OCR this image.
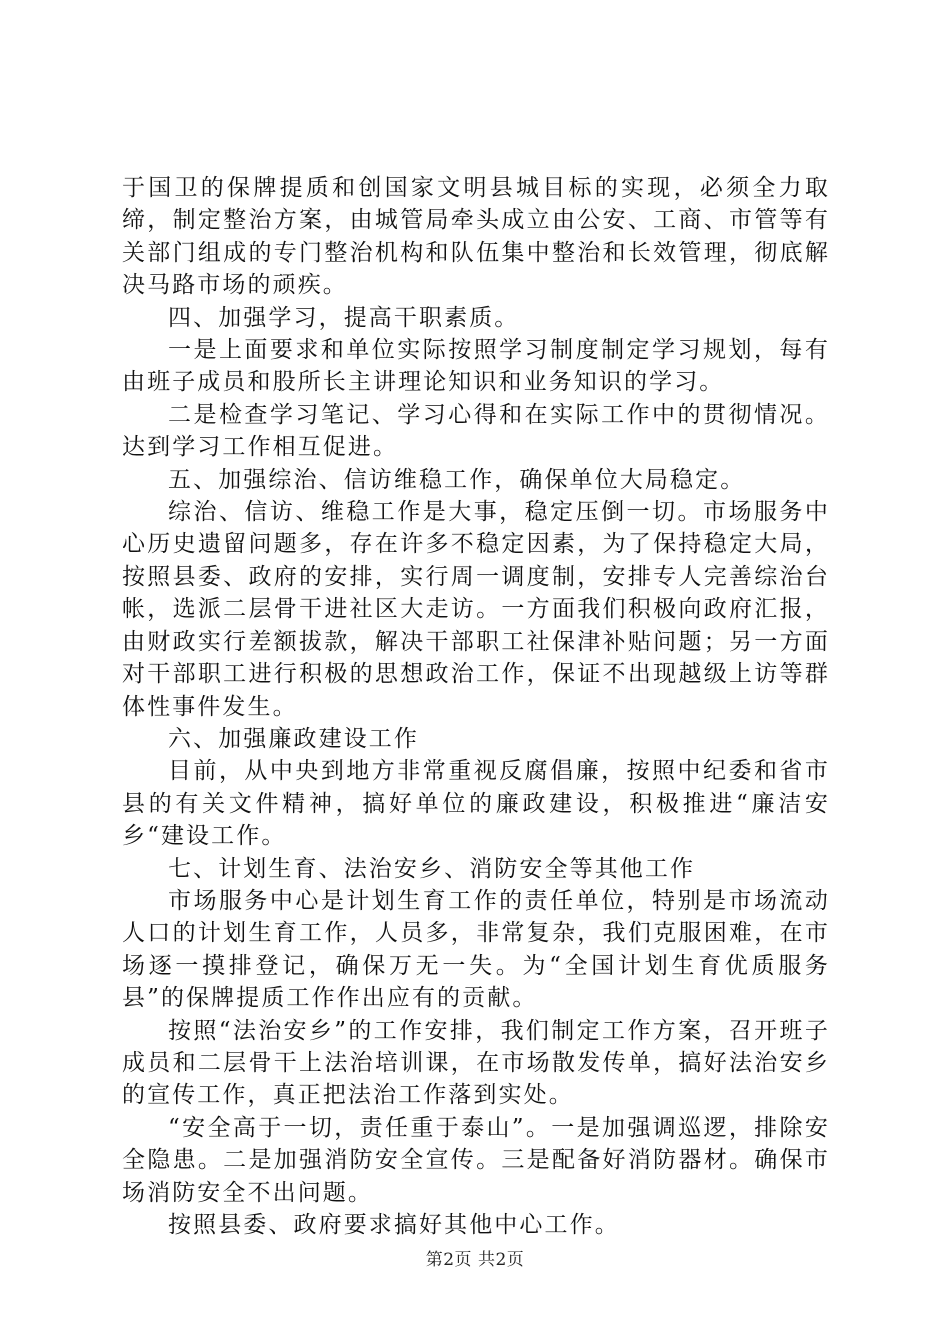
于国卫的保牌提质和创国家文明县城目标的实现，必须全力取缔，制定整治方案，由城管局牵头成立由公安、工商、市管等有关部门组成的专门整治机构和队伍集中整治和长效管理，彻底解决马路市场的顽疾。

四、加强学习，提高干职素质。

一是上面要求和单位实际按照学习制度制定学习规划，每有由班子成员和股所长主讲理论知识和业务知识的学习。

二是检查学习笔记、学习心得和在实际工作中的贯彻情况。达到学习工作相互促进。

五、加强综治、信访维稳工作，确保单位大局稳定。

综治、信访、维稳工作是大事，稳定压倒一切。市场服务中心历史遗留问题多，存在许多不稳定因素，为了保持稳定大局，按照县委、政府的安排，实行周一调度制，安排专人完善综治台帐，选派二层骨干进社区大走访。一方面我们积极向政府汇报，由财政实行差额拔款，解决干部职工社保津补贴问题；另一方面对干部职工进行积极的思想政治工作，保证不出现越级上访等群体性事件发生。

六、加强廉政建设工作

目前，从中央到地方非常重视反腐倡廉，按照中纪委和省市县的有关文件精神，搞好单位的廉政建设，积极推进“廉洁安乡“建设工作。

七、计划生育、法治安乡、消防安全等其他工作

市场服务中心是计划生育工作的责任单位，特别是市场流动人口的计划生育工作，人员多，非常复杂，我们克服困难，在市场逐一摸排登记，确保万无一失。为“全国计划生育优质服务县”的保牌提质工作作出应有的贡献。

按照“法治安乡”的工作安排，我们制定工作方案，召开班子成员和二层骨干上法治培训课，在市场散发传单，搞好法治安乡的宣传工作，真正把法治工作落到实处。

“安全高于一切，责任重于泰山”。一是加强调巡逻，排除安全隐患。二是加强消防安全宣传。三是配备好消防器材。确保市场消防安全不出问题。

按照县委、政府要求搞好其他中心工作。

第2页 共2页
